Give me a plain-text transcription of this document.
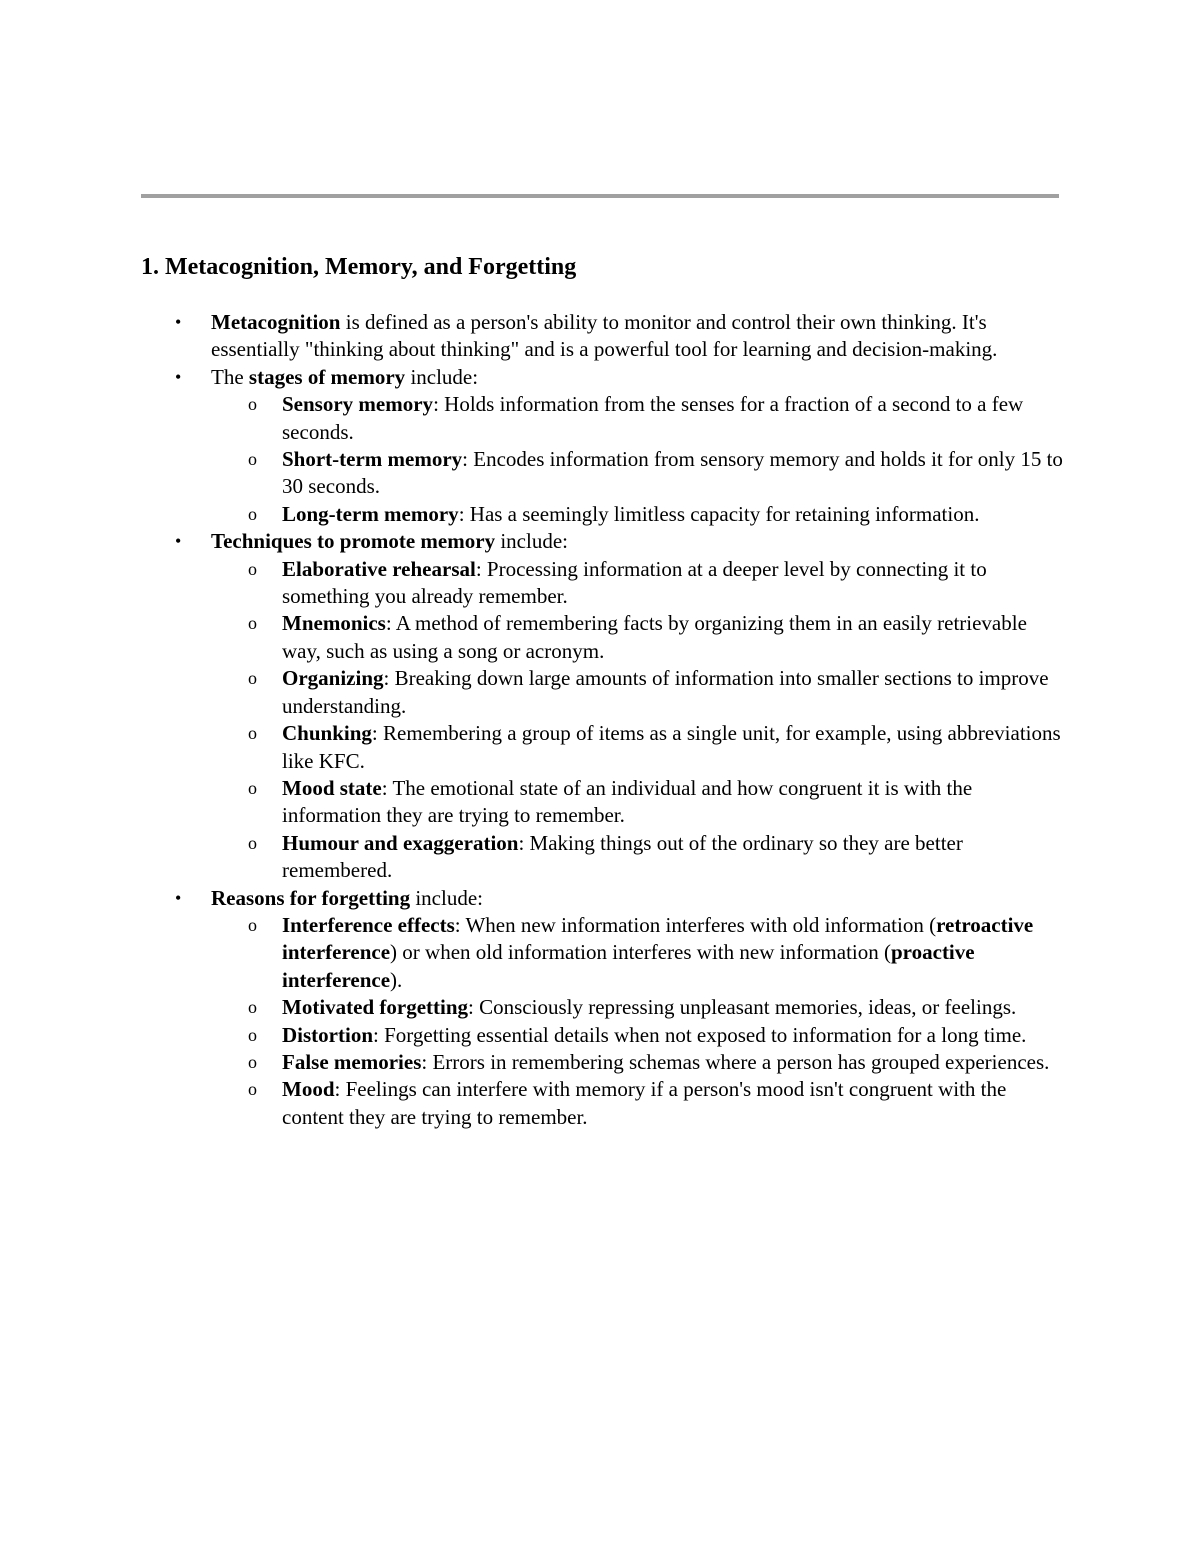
1. Metacognition, Memory, and Forgetting
• Metacognition is defined as a person's ability to monitor and control their own thinking. It's essentially "thinking about thinking" and is a powerful tool for learning and decision-making.
• The stages of memory include:
o Sensory memory: Holds information from the senses for a fraction of a second to a few seconds.
o Short-term memory: Encodes information from sensory memory and holds it for only 15 to 30 seconds.
o Long-term memory: Has a seemingly limitless capacity for retaining information.
• Techniques to promote memory include:
o Elaborative rehearsal: Processing information at a deeper level by connecting it to something you already remember.
o Mnemonics: A method of remembering facts by organizing them in an easily retrievable way, such as using a song or acronym.
o Organizing: Breaking down large amounts of information into smaller sections to improve understanding.
o Chunking: Remembering a group of items as a single unit, for example, using abbreviations like KFC.
o Mood state: The emotional state of an individual and how congruent it is with the information they are trying to remember.
o Humour and exaggeration: Making things out of the ordinary so they are better remembered.
• Reasons for forgetting include:
o Interference effects: When new information interferes with old information (retroactive interference) or when old information interferes with new information (proactive interference).
o Motivated forgetting: Consciously repressing unpleasant memories, ideas, or feelings.
o Distortion: Forgetting essential details when not exposed to information for a long time.
o False memories: Errors in remembering schemas where a person has grouped experiences.
o Mood: Feelings can interfere with memory if a person's mood isn't congruent with the content they are trying to remember.
